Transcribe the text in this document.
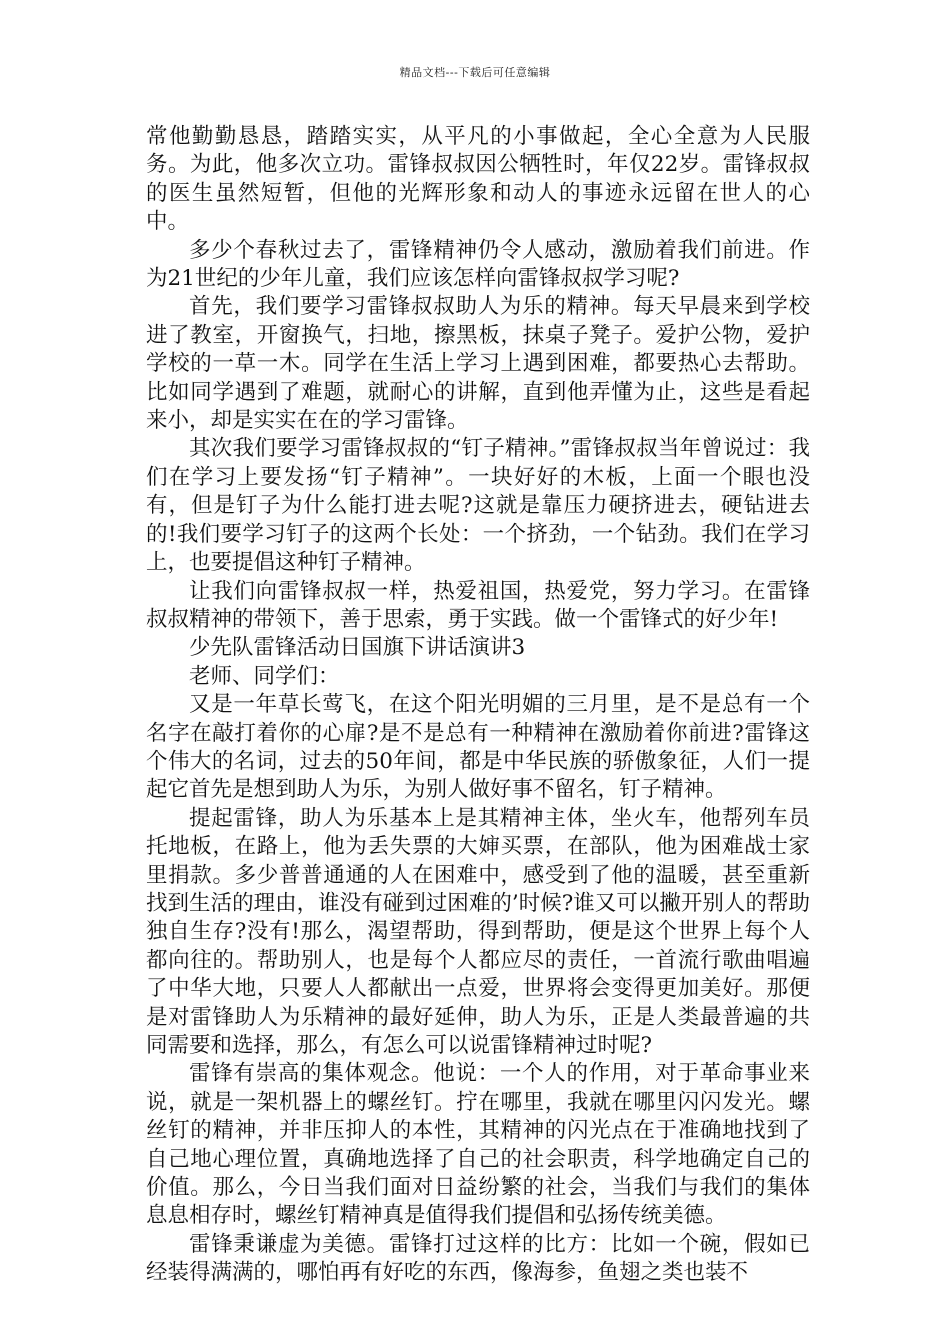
精品文档---下载后可任意编辑

常他勤勤恳恳，踏踏实实，从平凡的小事做起，全心全意为人民服务。为此，他多次立功。雷锋叔叔因公牺牲时，年仅22岁。雷锋叔叔的医生虽然短暂，但他的光辉形象和动人的事迹永远留在世人的心中。

多少个春秋过去了，雷锋精神仍令人感动，激励着我们前进。作为21世纪的少年儿童，我们应该怎样向雷锋叔叔学习呢?

首先，我们要学习雷锋叔叔助人为乐的精神。每天早晨来到学校进了教室，开窗换气，扫地，擦黑板，抹桌子凳子。爱护公物，爱护学校的一草一木。同学在生活上学习上遇到困难，都要热心去帮助。比如同学遇到了难题，就耐心的讲解，直到他弄懂为止，这些是看起来小，却是实实在在的学习雷锋。

其次我们要学习雷锋叔叔的“钉子精神。”雷锋叔叔当年曾说过：我们在学习上要发扬“钉子精神”。一块好好的木板，上面一个眼也没有，但是钉子为什么能打进去呢?这就是靠压力硬挤进去，硬钻进去的!我们要学习钉子的这两个长处：一个挤劲，一个钻劲。我们在学习上，也要提倡这种钉子精神。

让我们向雷锋叔叔一样，热爱祖国，热爱党，努力学习。在雷锋叔叔精神的带领下，善于思索，勇于实践。做一个雷锋式的好少年!

少先队雷锋活动日国旗下讲话演讲3

老师、同学们：

又是一年草长莺飞，在这个阳光明媚的三月里，是不是总有一个名字在敲打着你的心扉?是不是总有一种精神在激励着你前进?雷锋这个伟大的名词，过去的50年间，都是中华民族的骄傲象征，人们一提起它首先是想到助人为乐，为别人做好事不留名，钉子精神。

提起雷锋，助人为乐基本上是其精神主体，坐火车，他帮列车员托地板，在路上，他为丢失票的大婶买票，在部队，他为困难战士家里捐款。多少普普通通的人在困难中，感受到了他的温暖，甚至重新找到生活的理由，谁没有碰到过困难的’时候?谁又可以撇开别人的帮助独自生存?没有!那么，渴望帮助，得到帮助，便是这个世界上每个人都向往的。帮助别人，也是每个人都应尽的责任，一首流行歌曲唱遍了中华大地，只要人人都献出一点爱，世界将会变得更加美好。那便是对雷锋助人为乐精神的最好延伸，助人为乐，正是人类最普遍的共同需要和选择，那么，有怎么可以说雷锋精神过时呢?

雷锋有崇高的集体观念。他说：一个人的作用，对于革命事业来说，就是一架机器上的螺丝钉。拧在哪里，我就在哪里闪闪发光。螺丝钉的精神，并非压抑人的本性，其精神的闪光点在于准确地找到了自己地心理位置，真确地选择了自己的社会职责，科学地确定自己的价值。那么，今日当我们面对日益纷繁的社会，当我们与我们的集体息息相存时，螺丝钉精神真是值得我们提倡和弘扬传统美德。

雷锋秉谦虚为美德。雷锋打过这样的比方：比如一个碗，假如已经装得满满的，哪怕再有好吃的东西，像海参，鱼翅之类也装不
